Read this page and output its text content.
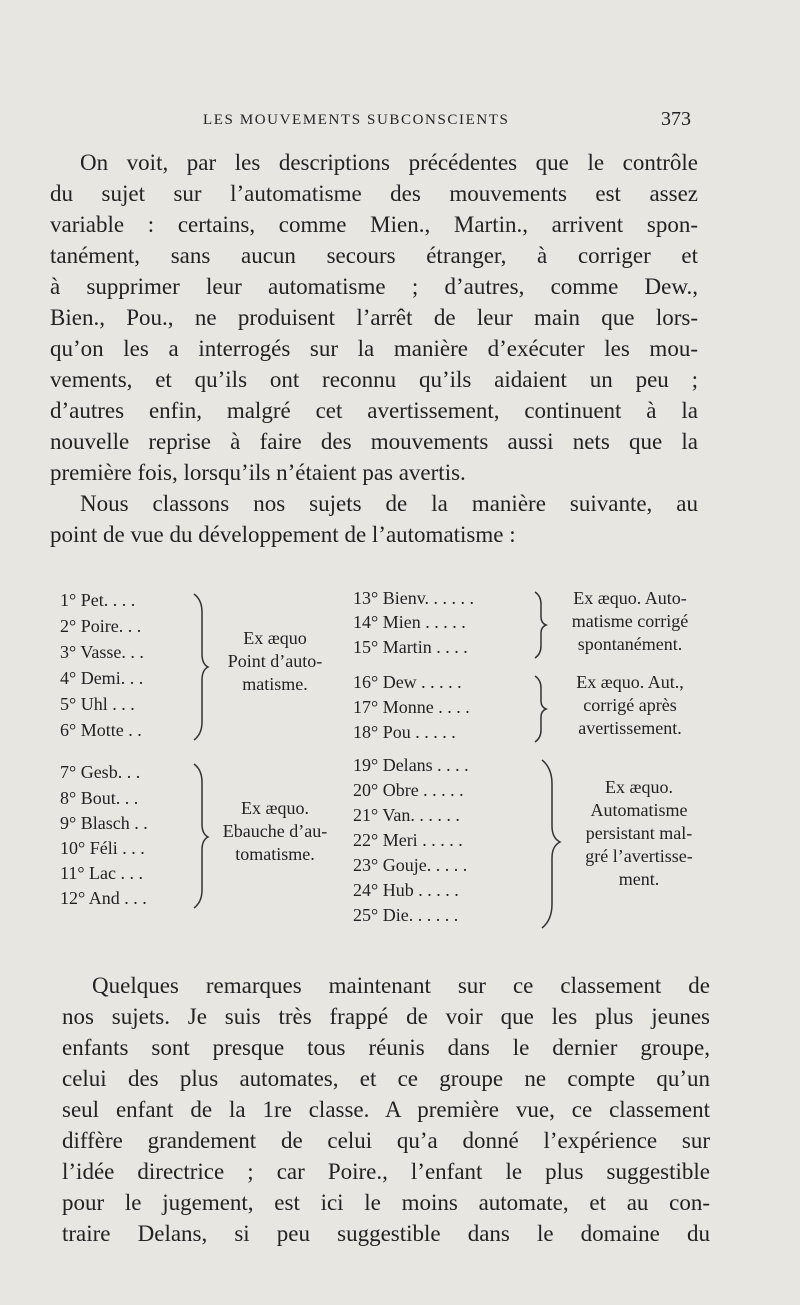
LES MOUVEMENTS SUBCONSCIENTS	373
On voit, par les descriptions précédentes que le contrôle
du sujet sur l’automatisme des mouvements est assez
variable : certains, comme Mien., Martin., arrivent spon-
tanément, sans aucun secours étranger, à corriger et
à supprimer leur automatisme ; d’autres, comme Dew.,
Bien., Pou., ne produisent l’arrêt de leur main que lors-
qu’on les a interrogés sur la manière d’exécuter les mou-
vements, et qu’ils ont reconnu qu’ils aidaient un peu ;
d’autres enfin, malgré cet avertissement, continuent à la
nouvelle reprise à faire des mouvements aussi nets que la
première fois, lorsqu’ils n’étaient pas avertis.
Nous classons nos sujets de la manière suivante, au
point de vue du développement de l’automatisme :
1° Pet. . . .
2° Poire. . .
3° Vasse. . .
4° Demi. . .
5° Uhl . . .
6° Motte . .
Ex æquo
Point d’auto-
matisme.
7° Gesb. . .
8° Bout. . .
9° Blasch . .
10° Féli . . .
11° Lac . . .
12° And . . .
Ex æquo.
Ebauche d’au-
tomatisme.
13° Bienv. . . . . .
14° Mien . . . . .
15° Martin . . . .
Ex æquo. Auto-
matisme corrigé
spontanément.
16° Dew . . . . .
17° Monne . . . .
18° Pou . . . . .
Ex æquo. Aut.,
corrigé après
avertissement.
19° Delans . . . .
20° Obre . . . . .
21° Van. . . . . .
22° Meri . . . . .
23° Gouje. . . . .
24° Hub . . . . .
25° Die. . . . . .
Ex æquo.
Automatisme
persistant mal-
gré l’avertisse-
ment.
Quelques remarques maintenant sur ce classement de
nos sujets. Je suis très frappé de voir que les plus jeunes
enfants sont presque tous réunis dans le dernier groupe,
celui des plus automates, et ce groupe ne compte qu’un
seul enfant de la 1re classe. A première vue, ce classement
diffère grandement de celui qu’a donné l’expérience sur
l’idée directrice ; car Poire., l’enfant le plus suggestible
pour le jugement, est ici le moins automate, et au con-
traire Delans, si peu suggestible dans le domaine du
